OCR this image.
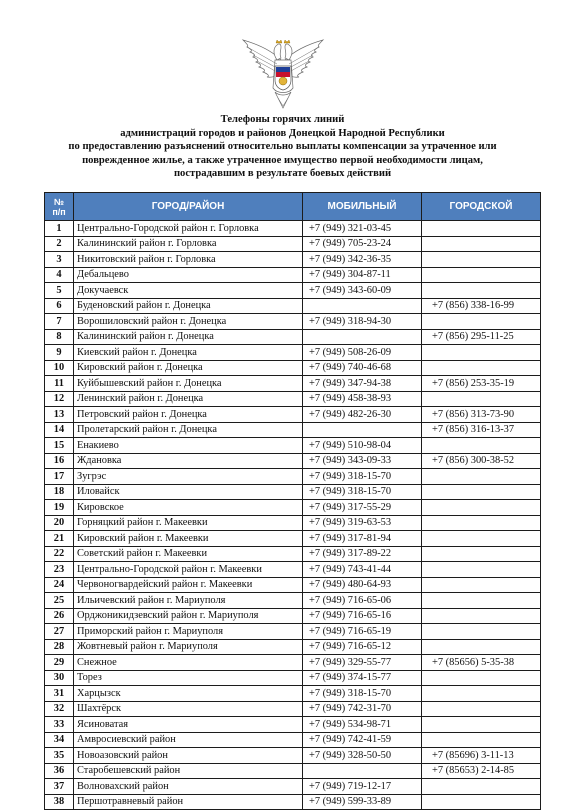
Телефоны горячих линий
администраций городов и районов Донецкой Народной Республики
по предоставлению разъяснений относительно выплаты компенсации за утраченное или
поврежденное жилье, а также утраченное имущество первой необходимости лицам,
пострадавшим в результате боевых действий
№
п/п	ГОРОД/РАЙОН	МОБИЛЬНЫЙ	ГОРОДСКОЙ
1	Центрально-Городской район г. Горловка	+7 (949) 321-03-45	
2	Калининский район г. Горловка	+7 (949) 705-23-24	
3	Никитовский район г. Горловка	+7 (949) 342-36-35	
4	Дебальцево	+7 (949) 304-87-11	
5	Докучаевск	+7 (949) 343-60-09	
6	Буденовский район г. Донецка		+7 (856) 338-16-99
7	Ворошиловский район г. Донецка	+7 (949) 318-94-30	
8	Калининский район г. Донецка		+7 (856) 295-11-25
9	Киевский район г. Донецка	+7 (949) 508-26-09	
10	Кировский район г. Донецка	+7 (949) 740-46-68	
11	Куйбышевский район г. Донецка	+7 (949) 347-94-38	+7 (856) 253-35-19
12	Ленинский район г. Донецка	+7 (949) 458-38-93	
13	Петровский район г. Донецка	+7 (949) 482-26-30	+7 (856) 313-73-90
14	Пролетарский район г. Донецка		+7 (856) 316-13-37
15	Енакиево	+7 (949) 510-98-04	
16	Ждановка	+7 (949) 343-09-33	+7 (856) 300-38-52
17	Зугрэс	+7 (949) 318-15-70	
18	Иловайск	+7 (949) 318-15-70	
19	Кировское	+7 (949) 317-55-29	
20	Горняцкий район г. Макеевки	+7 (949) 319-63-53	
21	Кировский район г. Макеевки	+7 (949) 317-81-94	
22	Советский район г. Макеевки	+7 (949) 317-89-22	
23	Центрально-Городской район г. Макеевки	+7 (949) 743-41-44	
24	Червоногвардейский район г. Макеевки	+7 (949) 480-64-93	
25	Ильичевский район г. Мариуполя	+7 (949) 716-65-06	
26	Орджоникидзевский район г. Мариуполя	+7 (949) 716-65-16	
27	Приморский район г. Мариуполя	+7 (949) 716-65-19	
28	Жовтневый район г. Мариуполя	+7 (949) 716-65-12	
29	Снежное	+7 (949) 329-55-77	+7 (85656) 5-35-38
30	Торез	+7 (949) 374-15-77	
31	Харцызск	+7 (949) 318-15-70	
32	Шахтёрск	+7 (949) 742-31-70	
33	Ясиноватая	+7 (949) 534-98-71	
34	Амвросиевский район	+7 (949) 742-41-59	
35	Новоазовский район	+7 (949) 328-50-50	+7 (85696) 3-11-13
36	Старобешевский район		+7 (85653) 2-14-85
37	Волновахский район	+7 (949) 719-12-17	
38	Першотравневый район	+7 (949) 599-33-89	
